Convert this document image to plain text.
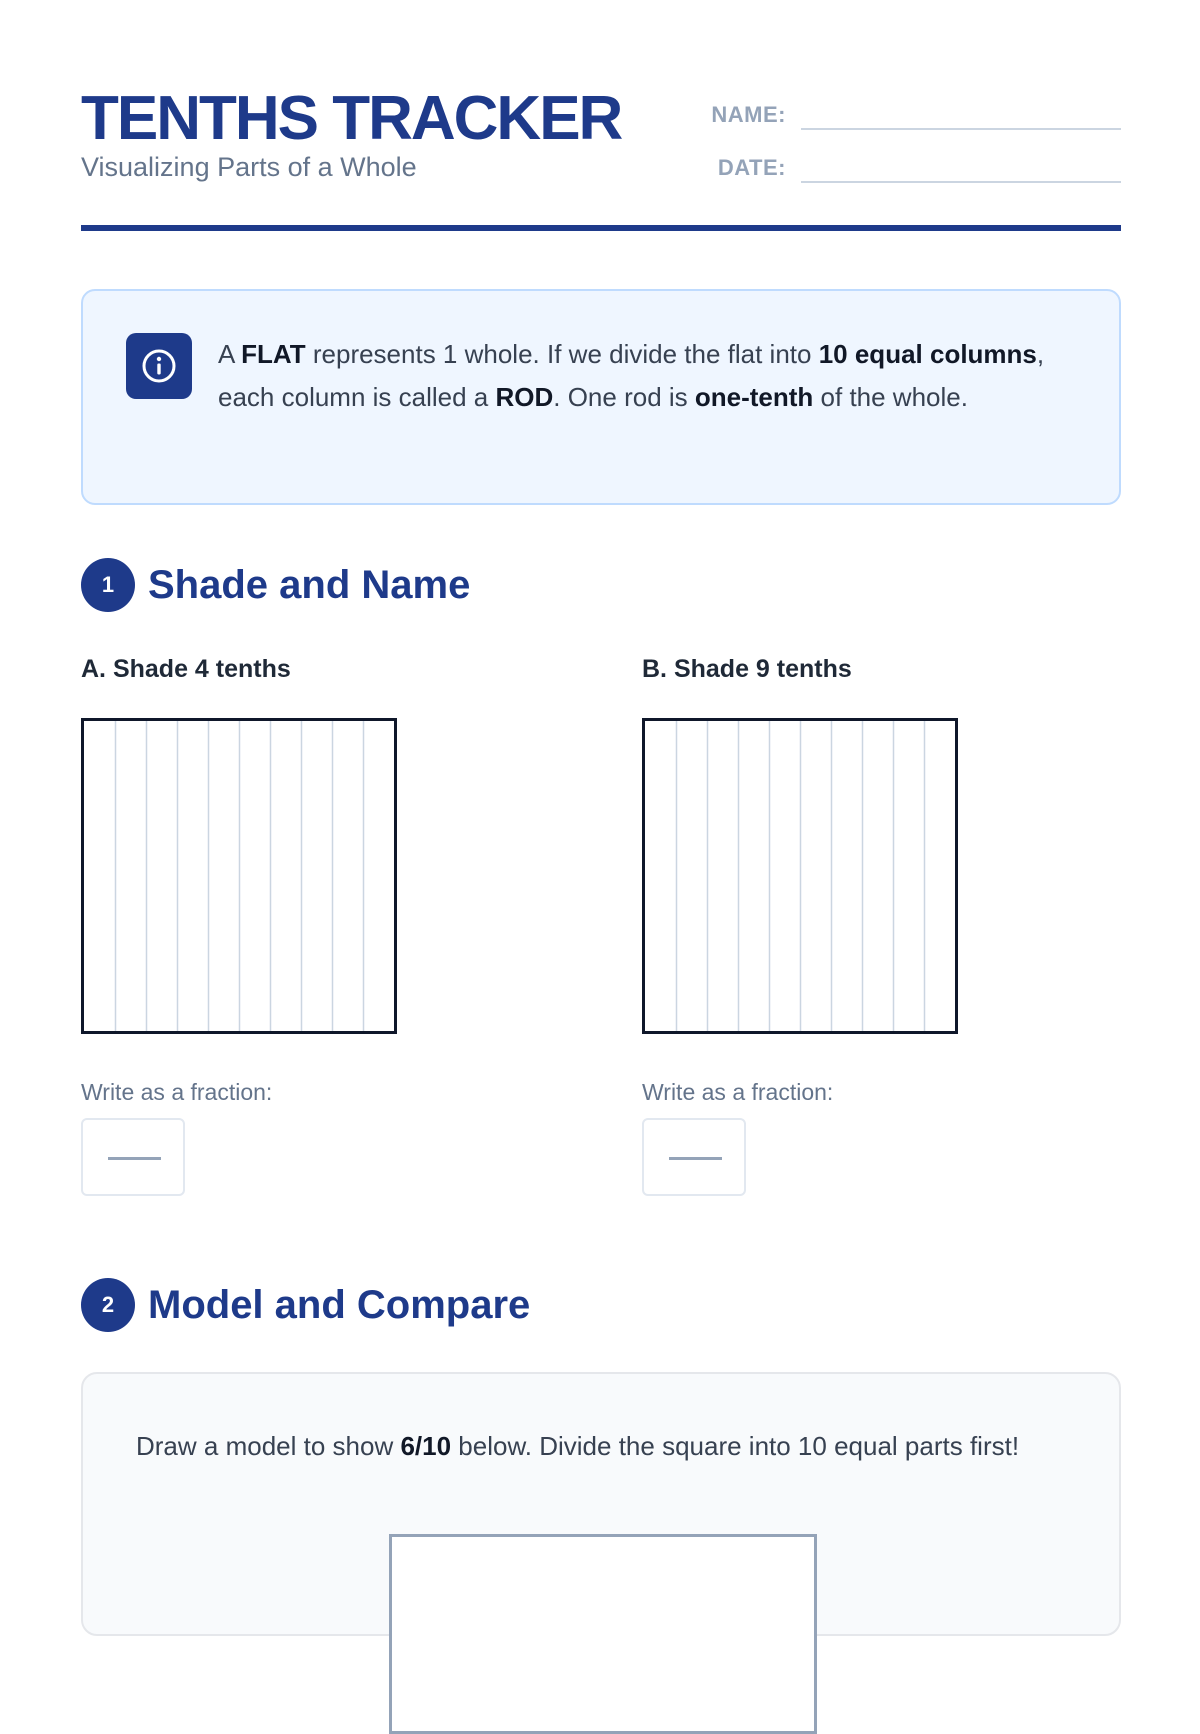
TENTHS TRACKER
Visualizing Parts of a Whole
NAME:
DATE:
A FLAT represents 1 whole. If we divide the flat into 10 equal columns, each column is called a ROD. One rod is one-tenth of the whole.
1 Shade and Name
A. Shade 4 tenths
Write as a fraction:
B. Shade 9 tenths
Write as a fraction:
2 Model and Compare
Draw a model to show 6/10 below. Divide the square into 10 equal parts first!
